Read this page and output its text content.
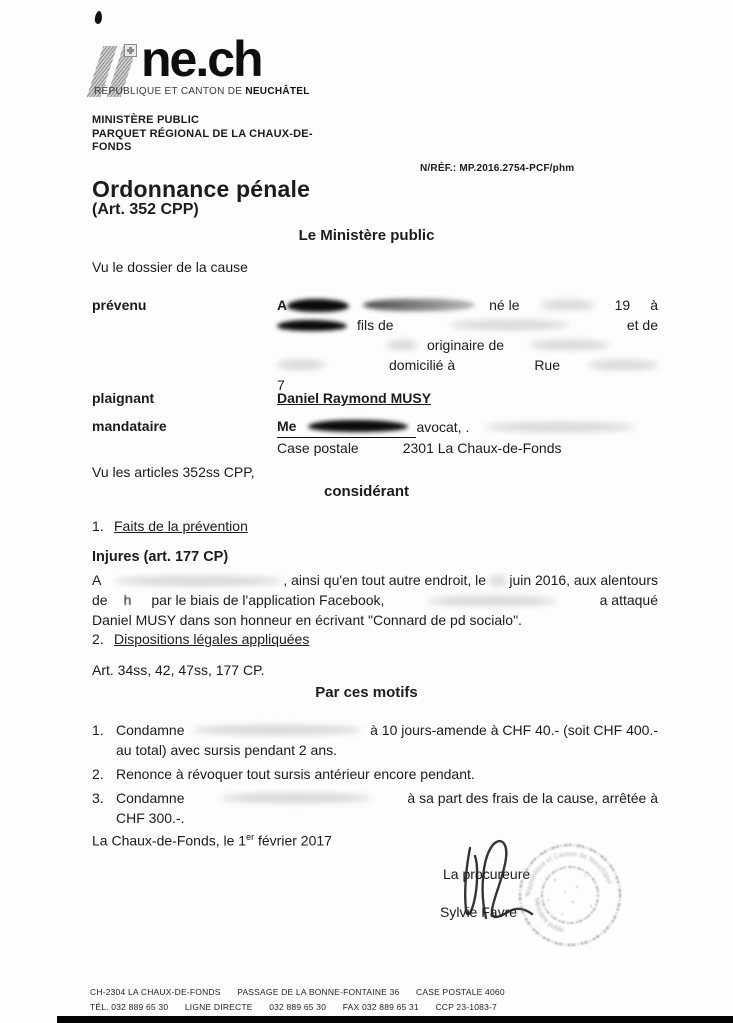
ne.ch
RÉPUBLIQUE ET CANTON DE NEUCHÂTEL
MINISTÈRE PUBLIC
PARQUET RÉGIONAL DE LA CHAUX-DE-
FONDS
N/RÉF.: MP.2016.2754-PCF/phm
Ordonnance pénale
(Art. 352 CPP)
Le Ministère public
Vu le dossier de la cause
prévenu	A	né le	19 à
fils de	et de
originaire de
domicilié à	Rue
7
plaignant	Daniel Raymond MUSY
mandataire	Me	avocat, .
Case postale	2301 La Chaux-de-Fonds
Vu les articles 352ss CPP,
considérant
1. Faits de la prévention
Injures (art. 177 CP)
A	, ainsi qu'en tout autre endroit, le juin 2016, aux alentours
de h par le biais de l'application Facebook,	a attaqué
Daniel MUSY dans son honneur en écrivant "Connard de pd socialo".
2. Dispositions légales appliquées
Art. 34ss, 42, 47ss, 177 CP.
Par ces motifs
1. Condamne	à 10 jours-amende à CHF 40.- (soit CHF 400.-
au total) avec sursis pendant 2 ans.
2. Renonce à révoquer tout sursis antérieur encore pendant.
3. Condamne	à sa part des frais de la cause, arrêtée à
CHF 300.-.
La Chaux-de-Fonds, le 1er février 2017
La procureure
Sylvie Favre
République et Canton de Neuchâtel
Ministère public
*
CH-2304 LA CHAUX-DE-FONDS PASSAGE DE LA BONNE-FONTAINE 36 CASE POSTALE 4060
TÉL. 032 889 65 30 LIGNE DIRECTE 032 889 65 30 FAX 032 889 65 31 CCP 23-1083-7
